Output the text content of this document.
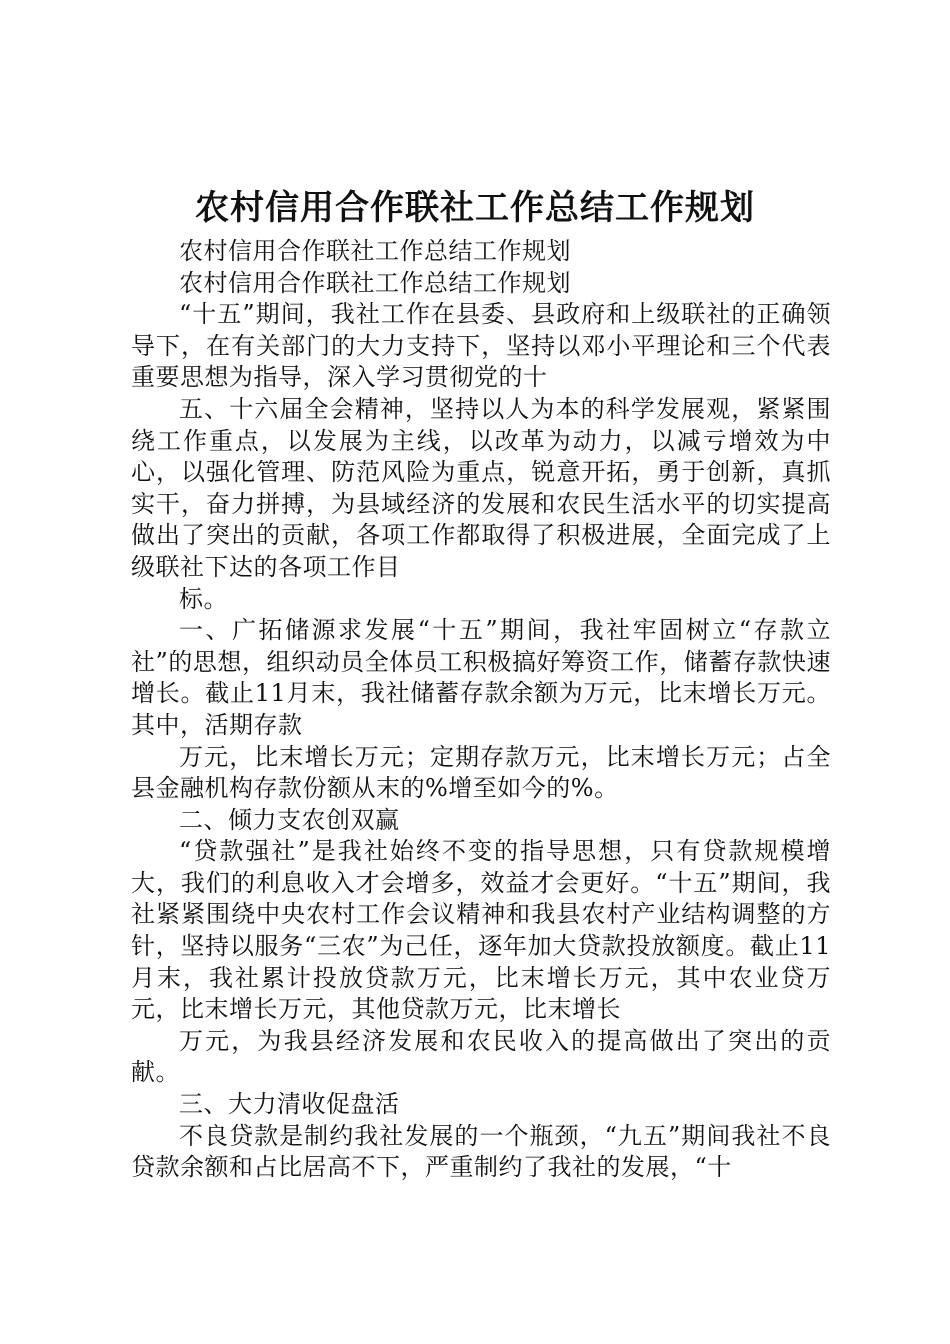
农村信用合作联社工作总结工作规划

农村信用合作联社工作总结工作规划

农村信用合作联社工作总结工作规划

“十五”期间，我社工作在县委、县政府和上级联社的正确领导下，在有关部门的大力支持下，坚持以邓小平理论和三个代表重要思想为指导，深入学习贯彻党的十

五、十六届全会精神，坚持以人为本的科学发展观，紧紧围绕工作重点，以发展为主线，以改革为动力，以减亏增效为中心，以强化管理、防范风险为重点，锐意开拓，勇于创新，真抓实干，奋力拼搏，为县域经济的发展和农民生活水平的切实提高做出了突出的贡献，各项工作都取得了积极进展，全面完成了上级联社下达的各项工作目

标。

一、广拓储源求发展“十五”期间，我社牢固树立“存款立社”的思想，组织动员全体员工积极搞好筹资工作，储蓄存款快速增长。截止11月末，我社储蓄存款余额为万元，比末增长万元。其中，活期存款

万元，比末增长万元；定期存款万元，比末增长万元；占全县金融机构存款份额从末的%增至如今的%。

二、倾力支农创双赢

“贷款强社”是我社始终不变的指导思想，只有贷款规模增大，我们的利息收入才会增多，效益才会更好。“十五”期间，我社紧紧围绕中央农村工作会议精神和我县农村产业结构调整的方针，坚持以服务“三农”为己任，逐年加大贷款投放额度。截止11月末，我社累计投放贷款万元，比末增长万元，其中农业贷万元，比末增长万元，其他贷款万元，比末增长

万元，为我县经济发展和农民收入的提高做出了突出的贡献。

三、大力清收促盘活

不良贷款是制约我社发展的一个瓶颈，“九五”期间我社不良贷款余额和占比居高不下，严重制约了我社的发展，“十
